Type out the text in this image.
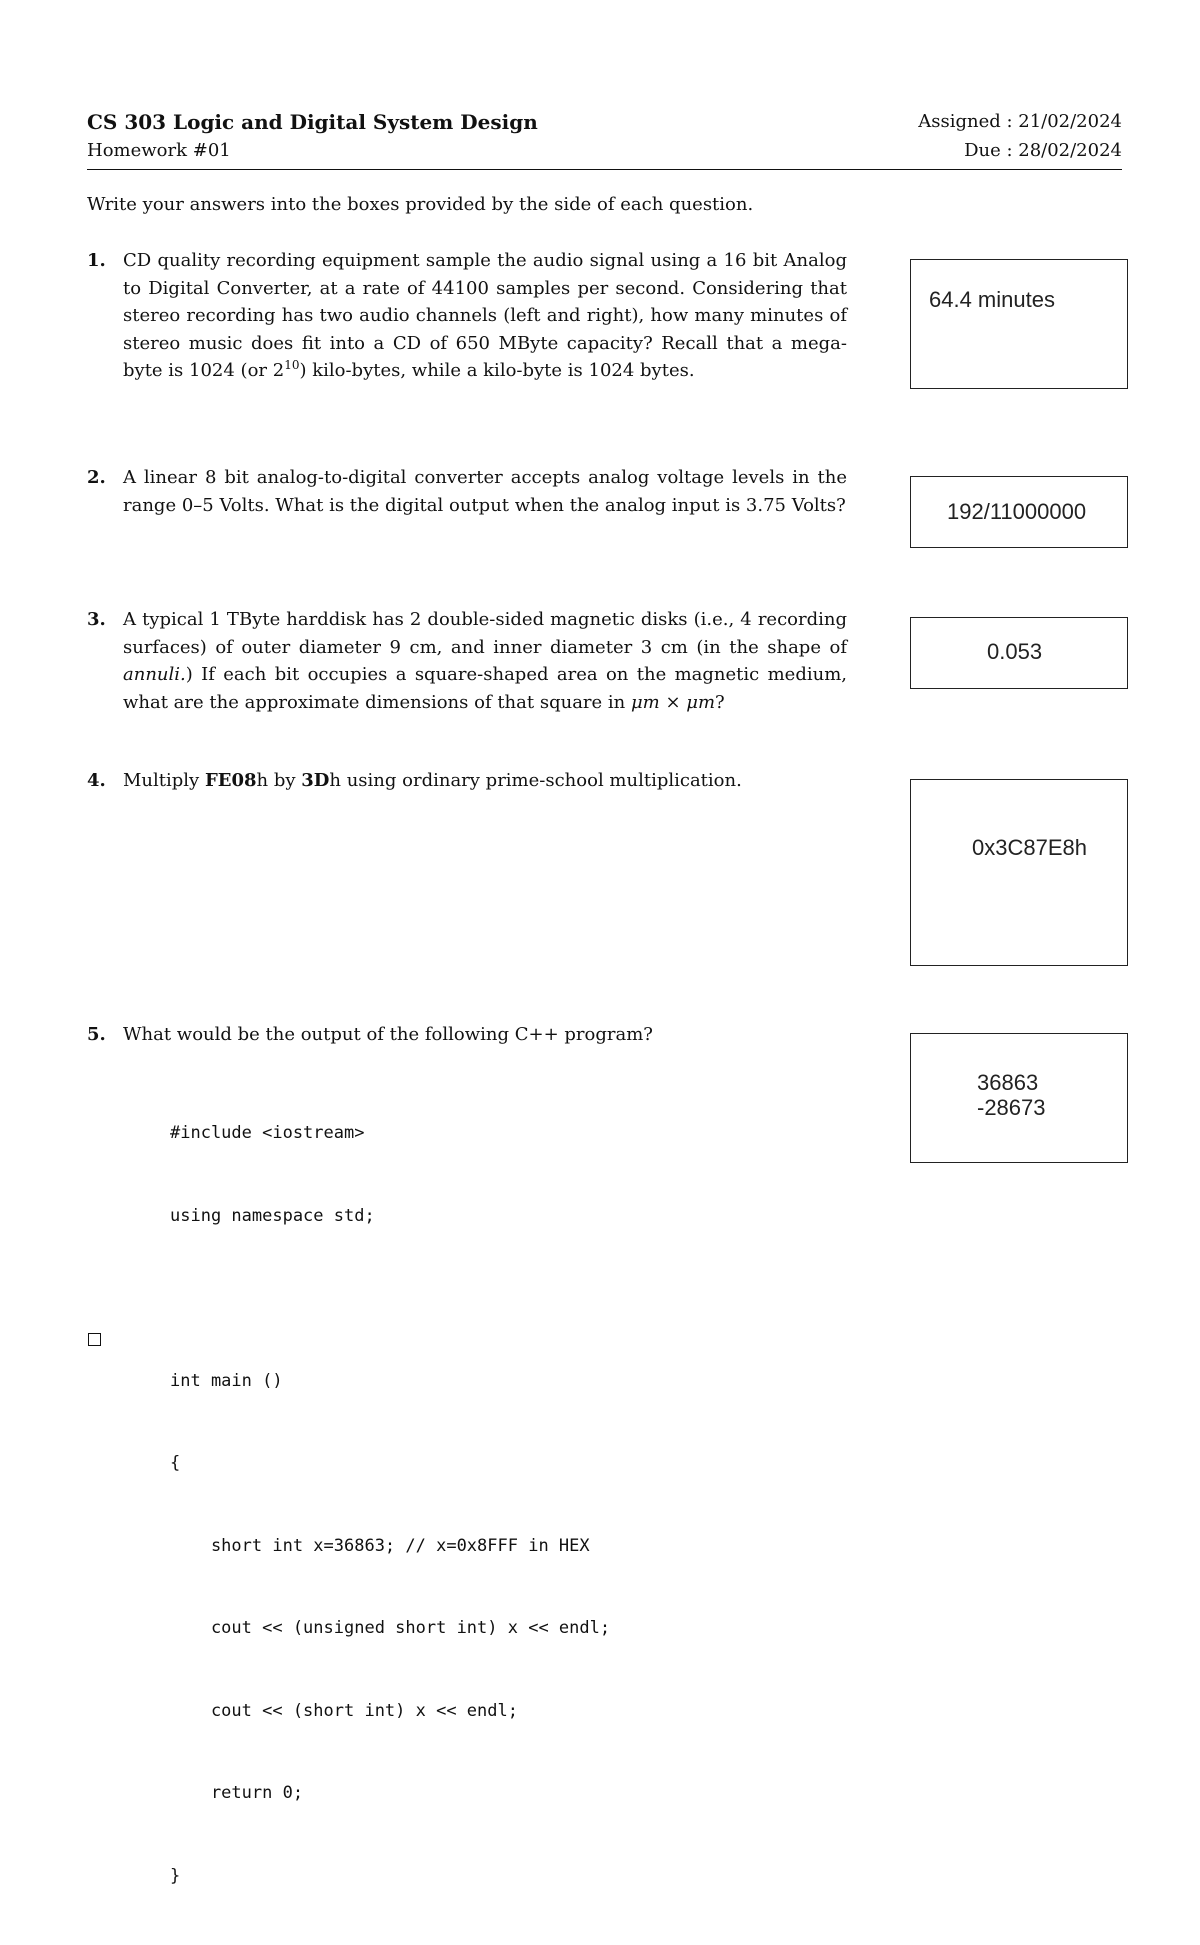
CS 303 Logic and Digital System Design
Homework #01
Assigned : 21/02/2024
Due : 28/02/2024
Write your answers into the boxes provided by the side of each question.
1. CD quality recording equipment sample the audio signal using a 16 bit Analog to Digital Converter, at a rate of 44100 samples per second. Considering that stereo recording has two audio channels (left and right), how many minutes of stereo music does fit into a CD of 650 MByte capacity? Recall that a mega-byte is 1024 (or $2^{10}$) kilo-bytes, while a kilo-byte is 1024 bytes.
64.4 minutes
2. A linear 8 bit analog-to-digital converter accepts analog voltage levels in the range 0–5 Volts. What is the digital output when the analog input is 3.75 Volts?	192/11000000
3. A typical 1 TByte harddisk has 2 double-sided magnetic disks (i.e., 4 recording surfaces) of outer diameter 9 cm, and inner diameter 3 cm (in the shape of annuli.) If each bit occupies a square-shaped area on the magnetic medium, what are the approximate dimensions of that square in μm × μm?
0.053
4. Multiply FE08h by 3Dh using ordinary prime-school multiplication.
0x3C87E8h
5. What would be the output of the following C++ program?
36863
-28673

#include <iostream>

using namespace std;

int main ()

{

short int x=36863; // x=0x8FFF in HEX

cout << (unsigned short int) x << endl;

cout << (short int) x << endl;

return 0;

}
